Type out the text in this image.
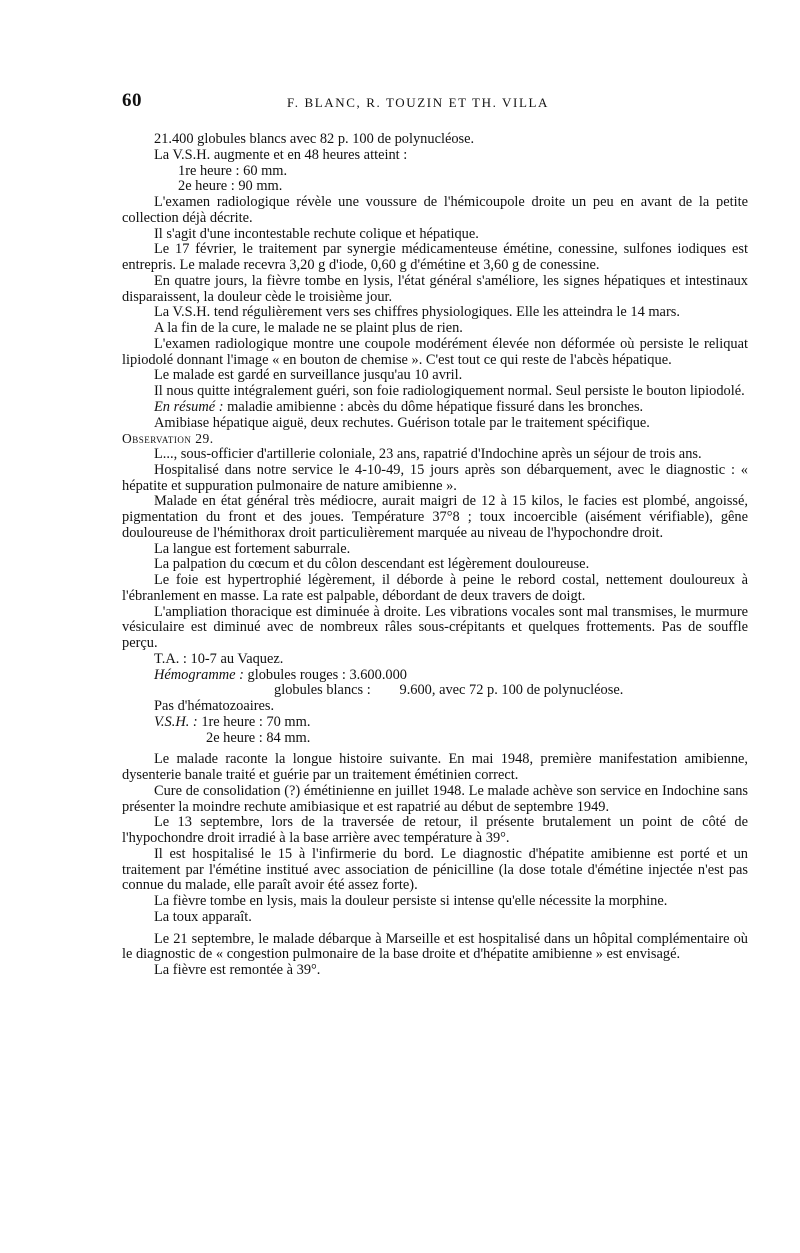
60	F. BLANC, R. TOUZIN ET TH. VILLA

21.400 globules blancs avec 82 p. 100 de polynucléose.

La V.S.H. augmente et en 48 heures atteint :

1re heure : 60 mm.

2e heure : 90 mm.

L'examen radiologique révèle une voussure de l'hémicoupole droite un peu en avant de la petite collection déjà décrite.

Il s'agit d'une incontestable rechute colique et hépatique.

Le 17 février, le traitement par synergie médicamenteuse émétine, conessine, sulfones iodiques est entrepris. Le malade recevra 3,20 g d'iode, 0,60 g d'émétine et 3,60 g de conessine.

En quatre jours, la fièvre tombe en lysis, l'état général s'améliore, les signes hépatiques et intestinaux disparaissent, la douleur cède le troisième jour.

La V.S.H. tend régulièrement vers ses chiffres physiologiques. Elle les atteindra le 14 mars.

A la fin de la cure, le malade ne se plaint plus de rien.

L'examen radiologique montre une coupole modérément élevée non déformée où persiste le reliquat lipiodolé donnant l'image « en bouton de chemise ». C'est tout ce qui reste de l'abcès hépatique.

Le malade est gardé en surveillance jusqu'au 10 avril.

Il nous quitte intégralement guéri, son foie radiologiquement normal. Seul persiste le bouton lipiodolé.

En résumé : maladie amibienne : abcès du dôme hépatique fissuré dans les bronches.

Amibiase hépatique aiguë, deux rechutes. Guérison totale par le traitement spécifique.

Observation 29.

L..., sous-officier d'artillerie coloniale, 23 ans, rapatrié d'Indochine après un séjour de trois ans.

Hospitalisé dans notre service le 4-10-49, 15 jours après son débarquement, avec le diagnostic : « hépatite et suppuration pulmonaire de nature amibienne ».

Malade en état général très médiocre, aurait maigri de 12 à 15 kilos, le facies est plombé, angoissé, pigmentation du front et des joues. Température 37°8 ; toux incoercible (aisément vérifiable), gêne douloureuse de l'hémithorax droit particulièrement marquée au niveau de l'hypochondre droit.

La langue est fortement saburrale.

La palpation du cœcum et du côlon descendant est légèrement douloureuse.

Le foie est hypertrophié légèrement, il déborde à peine le rebord costal, nettement douloureux à l'ébranlement en masse. La rate est palpable, débordant de deux travers de doigt.

L'ampliation thoracique est diminuée à droite. Les vibrations vocales sont mal transmises, le murmure vésiculaire est diminué avec de nombreux râles sous-crépitants et quelques frottements. Pas de souffle perçu.

T.A. : 10-7 au Vaquez.

Hémogramme : globules rouges : 3.600.000

globules blancs :        9.600, avec 72 p. 100 de polynucléose.

Pas d'hématozoaires.

V.S.H. : 1re heure : 70 mm.

2e heure : 84 mm.

Le malade raconte la longue histoire suivante. En mai 1948, première manifestation amibienne, dysenterie banale traité et guérie par un traitement émétinien correct.

Cure de consolidation (?) émétinienne en juillet 1948. Le malade achève son service en Indochine sans présenter la moindre rechute amibiasique et est rapatrié au début de septembre 1949.

Le 13 septembre, lors de la traversée de retour, il présente brutalement un point de côté de l'hypochondre droit irradié à la base arrière avec température à 39°.

Il est hospitalisé le 15 à l'infirmerie du bord. Le diagnostic d'hépatite amibienne est porté et un traitement par l'émétine institué avec association de pénicilline (la dose totale d'émétine injectée n'est pas connue du malade, elle paraît avoir été assez forte).

La fièvre tombe en lysis, mais la douleur persiste si intense qu'elle nécessite la morphine.

La toux apparaît.

Le 21 septembre, le malade débarque à Marseille et est hospitalisé dans un hôpital complémentaire où le diagnostic de « congestion pulmonaire de la base droite et d'hépatite amibienne » est envisagé.

La fièvre est remontée à 39°.
